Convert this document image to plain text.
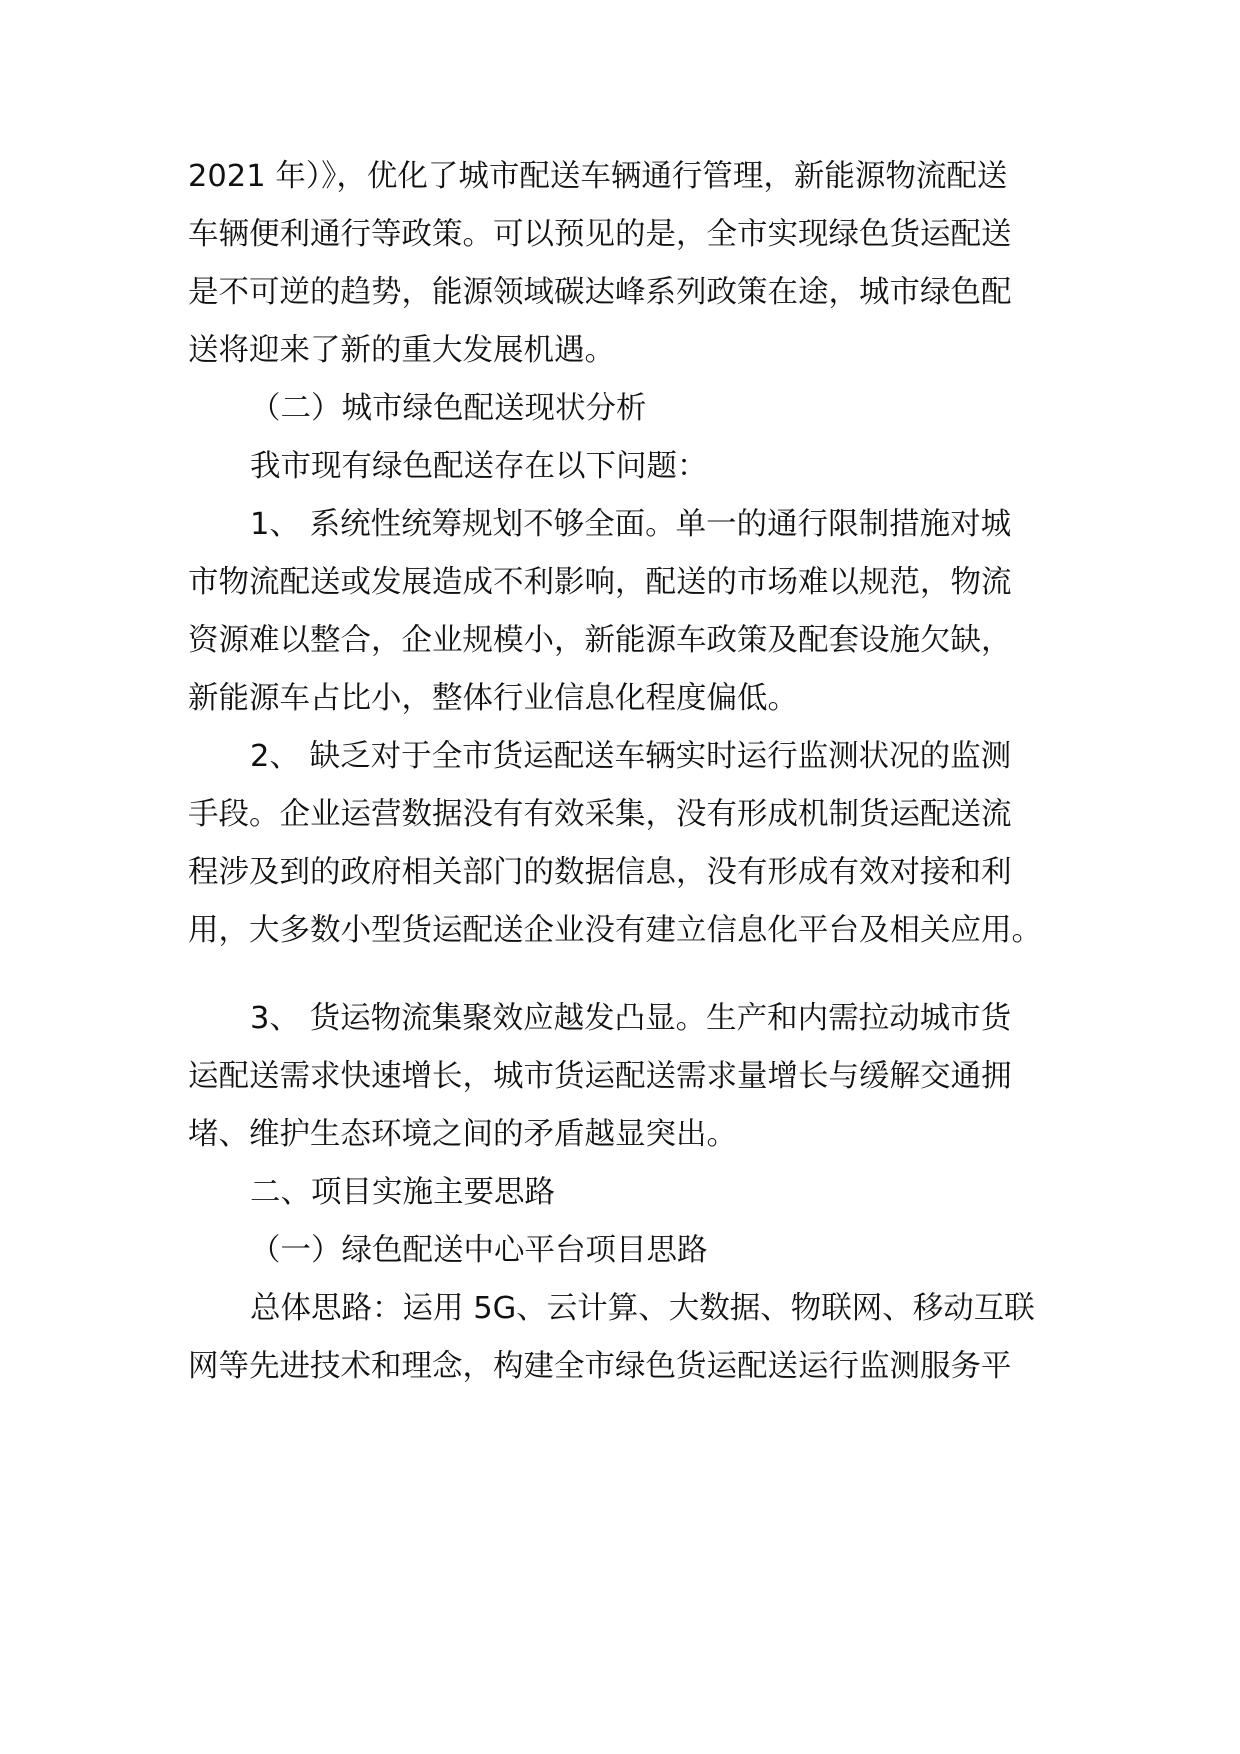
2021 年）》，优化了城市配送车辆通行管理，新能源物流配送
车辆便利通行等政策。可以预见的是，全市实现绿色货运配送
是不可逆的趋势，能源领域碳达峰系列政策在途，城市绿色配
送将迎来了新的重大发展机遇。
（二）城市绿色配送现状分析
我市现有绿色配送存在以下问题：
1、 系统性统筹规划不够全面。单一的通行限制措施对城
市物流配送或发展造成不利影响，配送的市场难以规范，物流
资源难以整合，企业规模小，新能源车政策及配套设施欠缺，
新能源车占比小，整体行业信息化程度偏低。
2、 缺乏对于全市货运配送车辆实时运行监测状况的监测
手段。企业运营数据没有有效采集，没有形成机制货运配送流
程涉及到的政府相关部门的数据信息，没有形成有效对接和利
用，大多数小型货运配送企业没有建立信息化平台及相关应用。
3、 货运物流集聚效应越发凸显。生产和内需拉动城市货
运配送需求快速增长，城市货运配送需求量增长与缓解交通拥
堵、维护生态环境之间的矛盾越显突出。
二、项目实施主要思路
（一）绿色配送中心平台项目思路
总体思路：运用 5G、云计算、大数据、物联网、移动互联
网等先进技术和理念，构建全市绿色货运配送运行监测服务平
